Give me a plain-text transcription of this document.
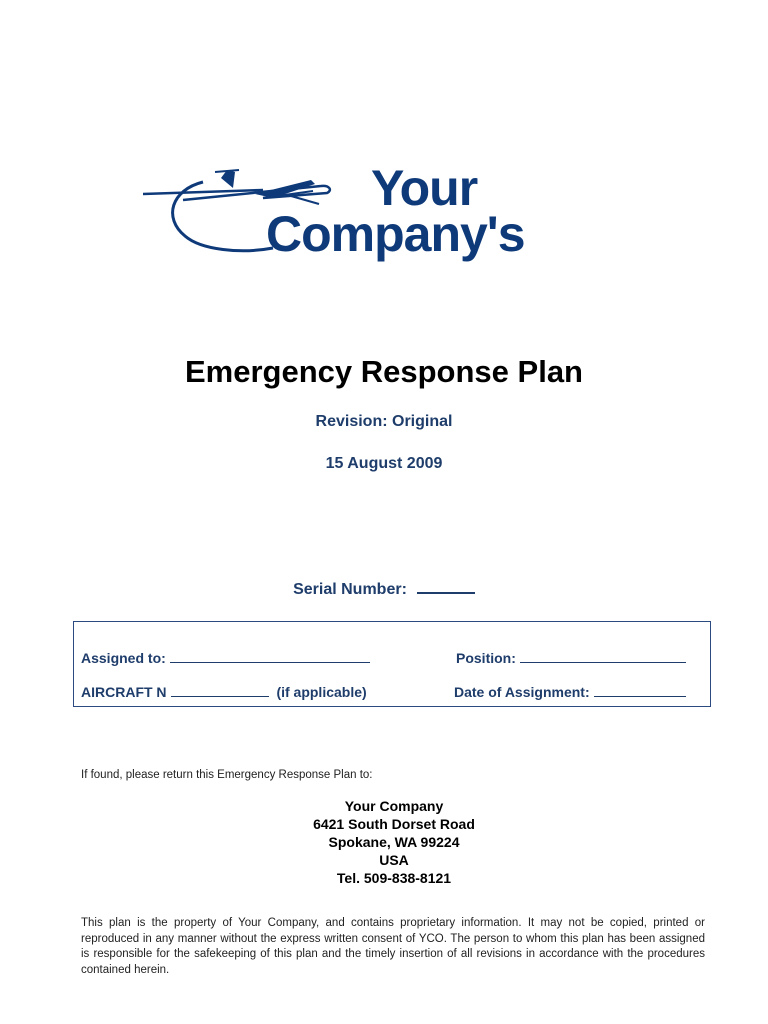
Your
Company's
Emergency Response Plan
Revision: Original
15 August 2009
Serial Number:
Assigned to:	Position:
AIRCRAFT N	(if applicable)	Date of Assignment:
If found, please return this Emergency Response Plan to:
Your Company
6421 South Dorset Road
Spokane, WA 99224
USA
Tel. 509-838-8121
This plan is the property of Your Company, and contains proprietary information. It may not be copied, printed or reproduced in any manner without the express written consent of YCO. The person to whom this plan has been assigned is responsible for the safekeeping of this plan and the timely insertion of all revisions in accordance with the procedures contained herein.
